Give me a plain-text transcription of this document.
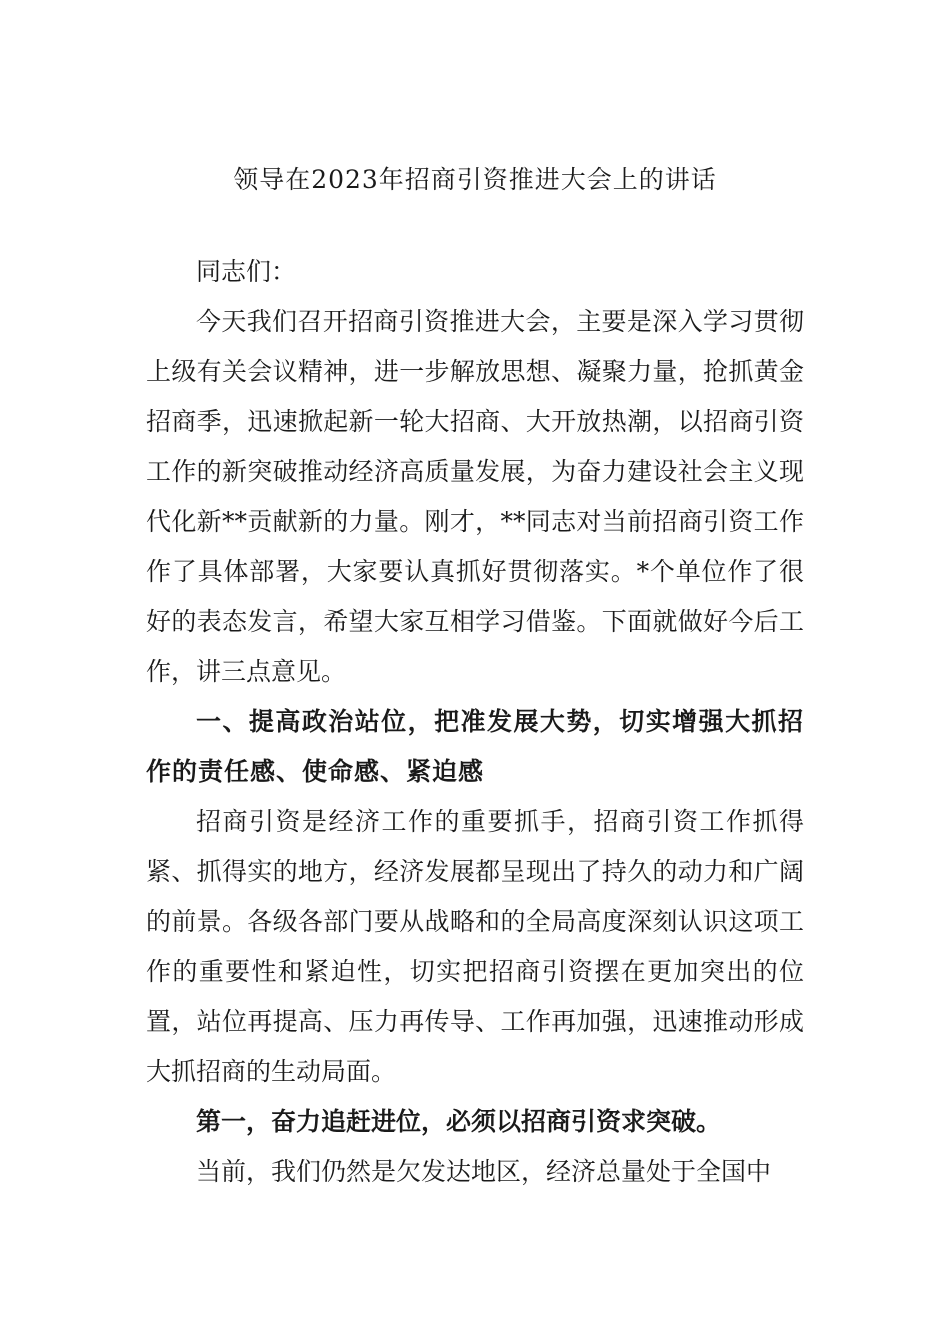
领导在2023年招商引资推进大会上的讲话

同志们：

今天我们召开招商引资推进大会，主要是深入学习贯彻上级有关会议精神，进一步解放思想、凝聚力量，抢抓黄金招商季，迅速掀起新一轮大招商、大开放热潮，以招商引资工作的新突破推动经济高质量发展，为奋力建设社会主义现代化新**贡献新的力量。刚才，**同志对当前招商引资工作作了具体部署，大家要认真抓好贯彻落实。*个单位作了很好的表态发言，希望大家互相学习借鉴。下面就做好今后工作，讲三点意见。

一、提高政治站位，把准发展大势，切实增强大抓招作的责任感、使命感、紧迫感

招商引资是经济工作的重要抓手，招商引资工作抓得紧、抓得实的地方，经济发展都呈现出了持久的动力和广阔的前景。各级各部门要从战略和的全局高度深刻认识这项工作的重要性和紧迫性，切实把招商引资摆在更加突出的位置，站位再提高、压力再传导、工作再加强，迅速推动形成大抓招商的生动局面。

第一，奋力追赶进位，必须以招商引资求突破。

当前，我们仍然是欠发达地区，经济总量处于全国中
